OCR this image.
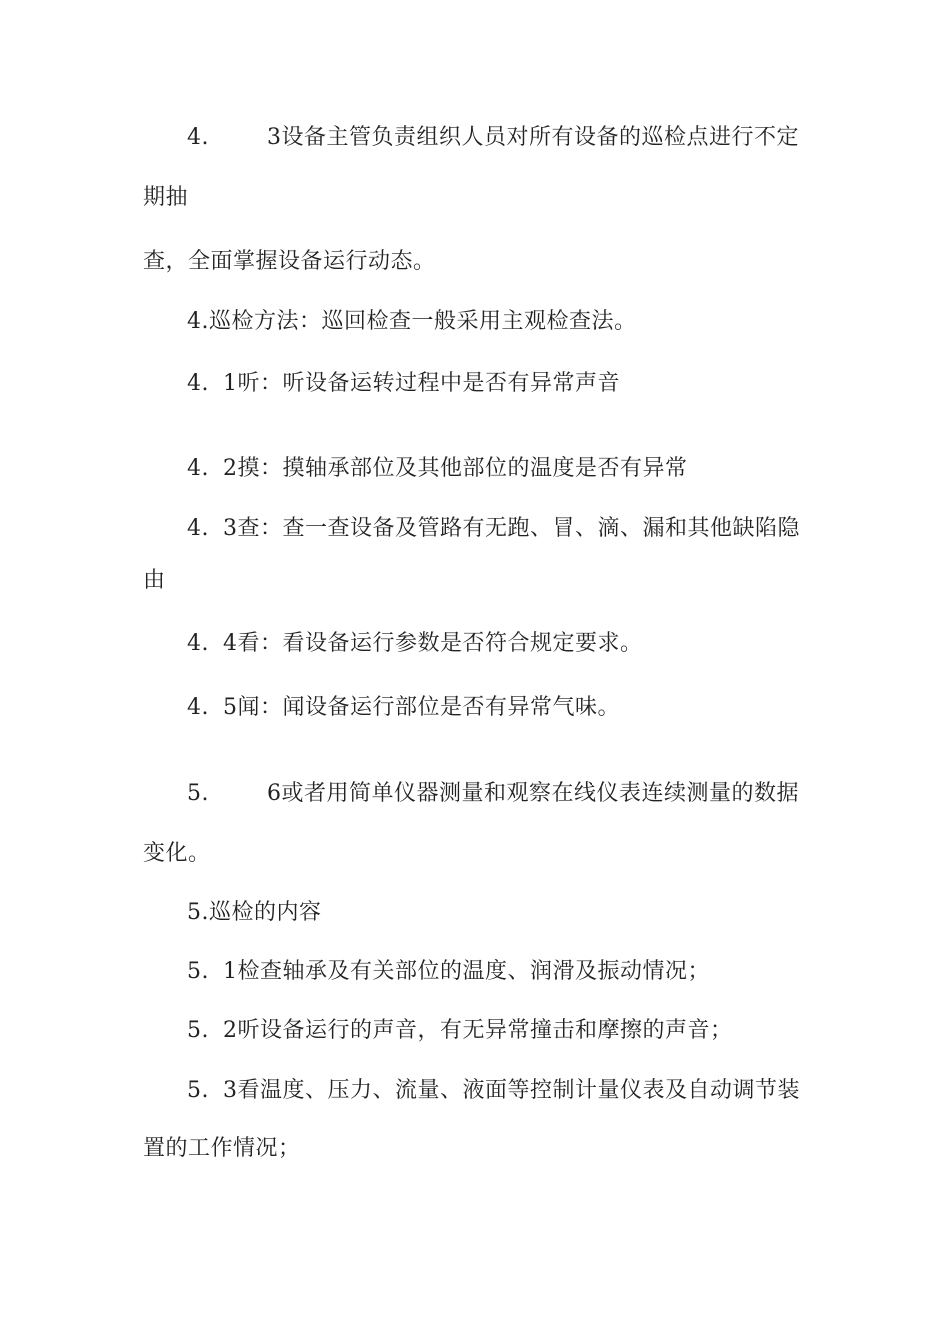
4.	3设备主管负责组织人员对所有设备的巡检点进行不定
期抽
查，全面掌握设备运行动态。
4.巡检方法：巡回检查一般采用主观检查法。
4. 1听：听设备运转过程中是否有异常声音
4. 2摸：摸轴承部位及其他部位的温度是否有异常
4. 3查：查一查设备及管路有无跑、冒、滴、漏和其他缺陷隐
由
4. 4看：看设备运行参数是否符合规定要求。
4. 5闻：闻设备运行部位是否有异常气味。
5.	6或者用简单仪器测量和观察在线仪表连续测量的数据
变化。
5.巡检的内容
5. 1检查轴承及有关部位的温度、润滑及振动情况；
5. 2听设备运行的声音，有无异常撞击和摩擦的声音；
5. 3看温度、压力、流量、液面等控制计量仪表及自动调节装
置的工作情况；
